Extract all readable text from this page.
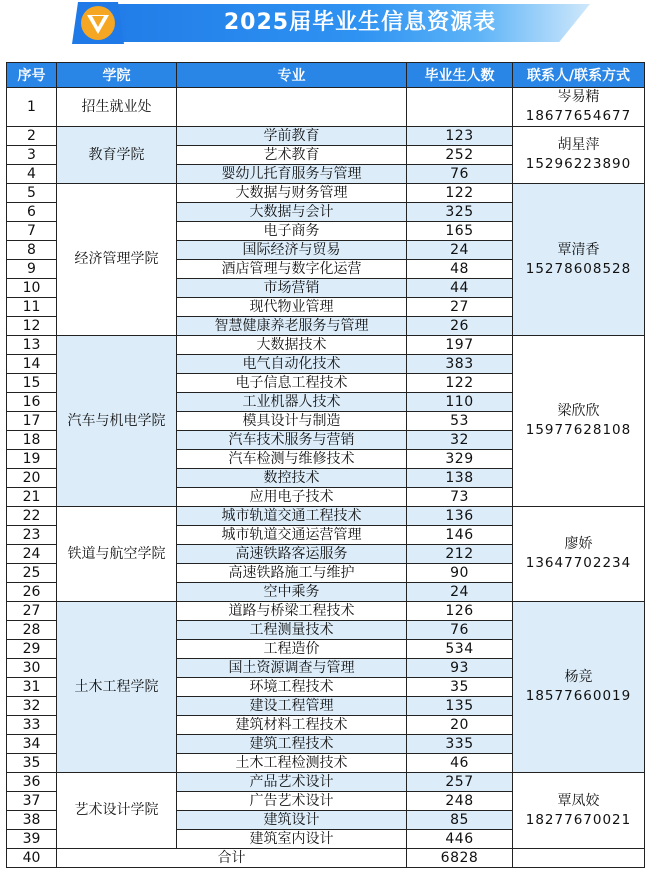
2025届毕业生信息资源表
序号	学院	专业	毕业生人数	联系人/联系方式
1	招生就业处			岑易精
18677654677

2	教育学院	学前教育	123	胡星萍
15296223890

3		艺术教育	252	
4		婴幼儿托育服务与管理	76	
5	经济管理学院	大数据与财务管理	122	覃清香
15278608528

6		大数据与会计	325	
7		电子商务	165	
8		国际经济与贸易	24	
9		酒店管理与数字化运营	48	
10		市场营销	44	
11		现代物业管理	27	
12		智慧健康养老服务与管理	26	
13	汽车与机电学院	大数据技术	197	梁欣欣
15977628108

14		电气自动化技术	383	
15		电子信息工程技术	122	
16		工业机器人技术	110	
17		模具设计与制造	53	
18		汽车技术服务与营销	32	
19		汽车检测与维修技术	329	
20		数控技术	138	
21		应用电子技术	73	
22	铁道与航空学院	城市轨道交通工程技术	136	廖娇
13647702234

23		城市轨道交通运营管理	146	
24		高速铁路客运服务	212	
25		高速铁路施工与维护	90	
26		空中乘务	24	
27	土木工程学院	道路与桥梁工程技术	126	杨竞
18577660019

28		工程测量技术	76	
29		工程造价	534	
30		国土资源调查与管理	93	
31		环境工程技术	35	
32		建设工程管理	135	
33		建筑材料工程技术	20	
34		建筑工程技术	335	
35		土木工程检测技术	46	
36	艺术设计学院	产品艺术设计	257	覃凤姣
18277670021

37		广告艺术设计	248	
38		建筑设计	85	
39		建筑室内设计	446	
40	合计		6828	
